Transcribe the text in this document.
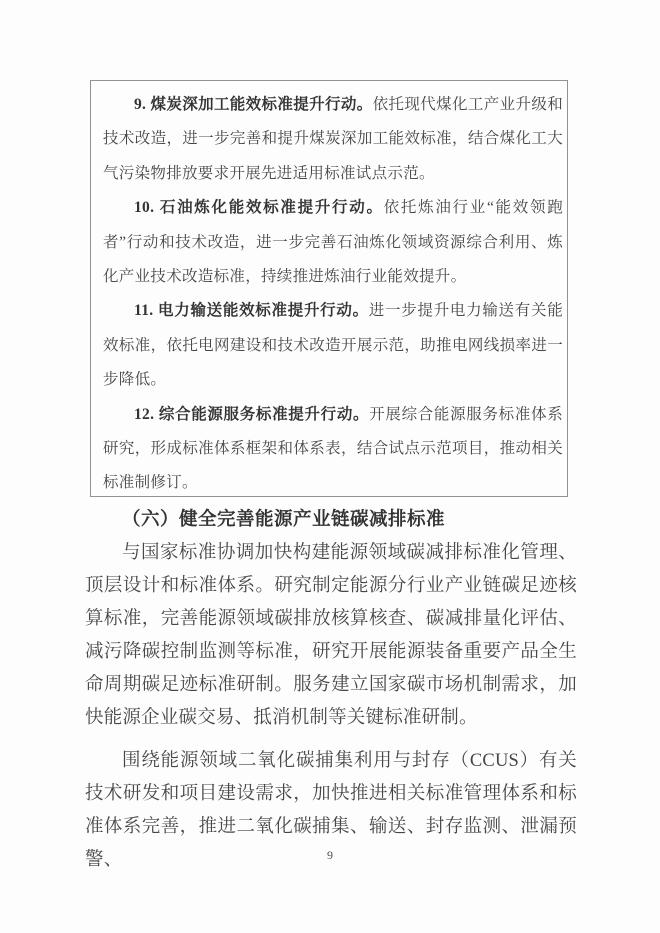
9. 煤炭深加工能效标准提升行动。依托现代煤化工产业升级和技术改造，进一步完善和提升煤炭深加工能效标准，结合煤化工大气污染物排放要求开展先进适用标准试点示范。

10. 石油炼化能效标准提升行动。依托炼油行业“能效领跑者”行动和技术改造，进一步完善石油炼化领域资源综合利用、炼化产业技术改造标准，持续推进炼油行业能效提升。

11. 电力输送能效标准提升行动。进一步提升电力输送有关能效标准，依托电网建设和技术改造开展示范，助推电网线损率进一步降低。

12. 综合能源服务标准提升行动。开展综合能源服务标准体系研究，形成标准体系框架和体系表，结合试点示范项目，推动相关标准制修订。

（六）健全完善能源产业链碳减排标准

与国家标准协调加快构建能源领域碳减排标准化管理、顶层设计和标准体系。研究制定能源分行业产业链碳足迹核算标准，完善能源领域碳排放核算核查、碳减排量化评估、减污降碳控制监测等标准，研究开展能源装备重要产品全生命周期碳足迹标准研制。服务建立国家碳市场机制需求，加快能源企业碳交易、抵消机制等关键标准研制。

围绕能源领域二氧化碳捕集利用与封存（CCUS）有关技术研发和项目建设需求，加快推进相关标准管理体系和标准体系完善，推进二氧化碳捕集、输送、封存监测、泄漏预警、	9
